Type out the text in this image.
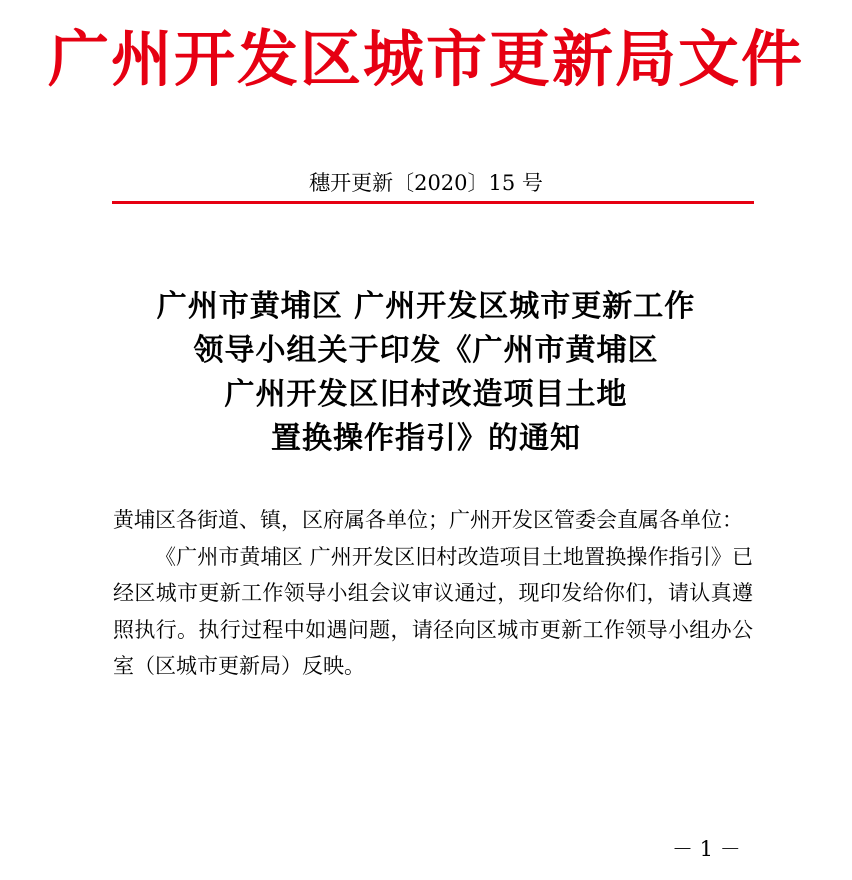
广州开发区城市更新局文件
穗开更新〔2020〕15 号
广州市黄埔区 广州开发区城市更新工作
领导小组关于印发《广州市黄埔区
广州开发区旧村改造项目土地
置换操作指引》的通知

黄埔区各街道、镇，区府属各单位；广州开发区管委会直属各单位：

《广州市黄埔区 广州开发区旧村改造项目土地置换操作指引》已经区城市更新工作领导小组会议审议通过，现印发给你们，请认真遵照执行。执行过程中如遇问题，请径向区城市更新工作领导小组办公室（区城市更新局）反映。

－ 1 －
